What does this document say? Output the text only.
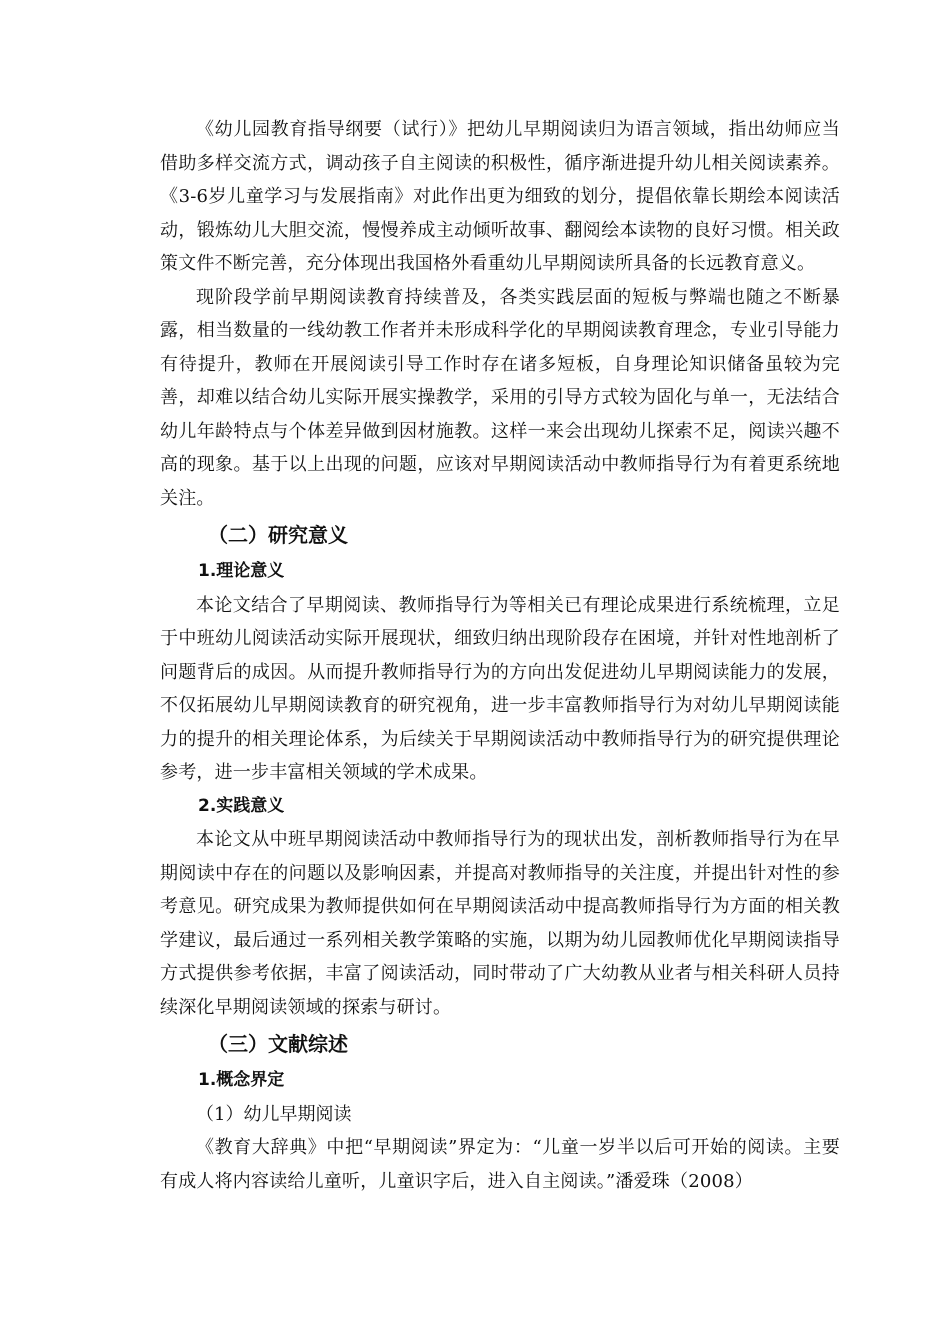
《幼儿园教育指导纲要（试行）》把幼儿早期阅读归为语言领域，指出幼师应当借助多样交流方式，调动孩子自主阅读的积极性，循序渐进提升幼儿相关阅读素养。《3-6岁儿童学习与发展指南》对此作出更为细致的划分，提倡依靠长期绘本阅读活动，锻炼幼儿大胆交流，慢慢养成主动倾听故事、翻阅绘本读物的良好习惯。相关政策文件不断完善，充分体现出我国格外看重幼儿早期阅读所具备的长远教育意义。

现阶段学前早期阅读教育持续普及，各类实践层面的短板与弊端也随之不断暴露，相当数量的一线幼教工作者并未形成科学化的早期阅读教育理念，专业引导能力有待提升，教师在开展阅读引导工作时存在诸多短板，自身理论知识储备虽较为完善，却难以结合幼儿实际开展实操教学，采用的引导方式较为固化与单一，无法结合幼儿年龄特点与个体差异做到因材施教。这样一来会出现幼儿探索不足，阅读兴趣不高的现象。基于以上出现的问题，应该对早期阅读活动中教师指导行为有着更系统地关注。

（二）研究意义
1.理论意义

本论文结合了早期阅读、教师指导行为等相关已有理论成果进行系统梳理，立足于中班幼儿阅读活动实际开展现状，细致归纳出现阶段存在困境，并针对性地剖析了问题背后的成因。从而提升教师指导行为的方向出发促进幼儿早期阅读能力的发展，不仅拓展幼儿早期阅读教育的研究视角，进一步丰富教师指导行为对幼儿早期阅读能力的提升的相关理论体系，为后续关于早期阅读活动中教师指导行为的研究提供理论参考，进一步丰富相关领域的学术成果。

2.实践意义

本论文从中班早期阅读活动中教师指导行为的现状出发，剖析教师指导行为在早期阅读中存在的问题以及影响因素，并提高对教师指导的关注度，并提出针对性的参考意见。研究成果为教师提供如何在早期阅读活动中提高教师指导行为方面的相关教学建议，最后通过一系列相关教学策略的实施，以期为幼儿园教师优化早期阅读指导方式提供参考依据，丰富了阅读活动，同时带动了广大幼教从业者与相关科研人员持续深化早期阅读领域的探索与研讨。

（三）文献综述
1.概念界定

（1）幼儿早期阅读

《教育大辞典》中把“早期阅读”界定为：“儿童一岁半以后可开始的阅读。主要有成人将内容读给儿童听，儿童识字后，进入自主阅读。”潘爱珠（2008）
